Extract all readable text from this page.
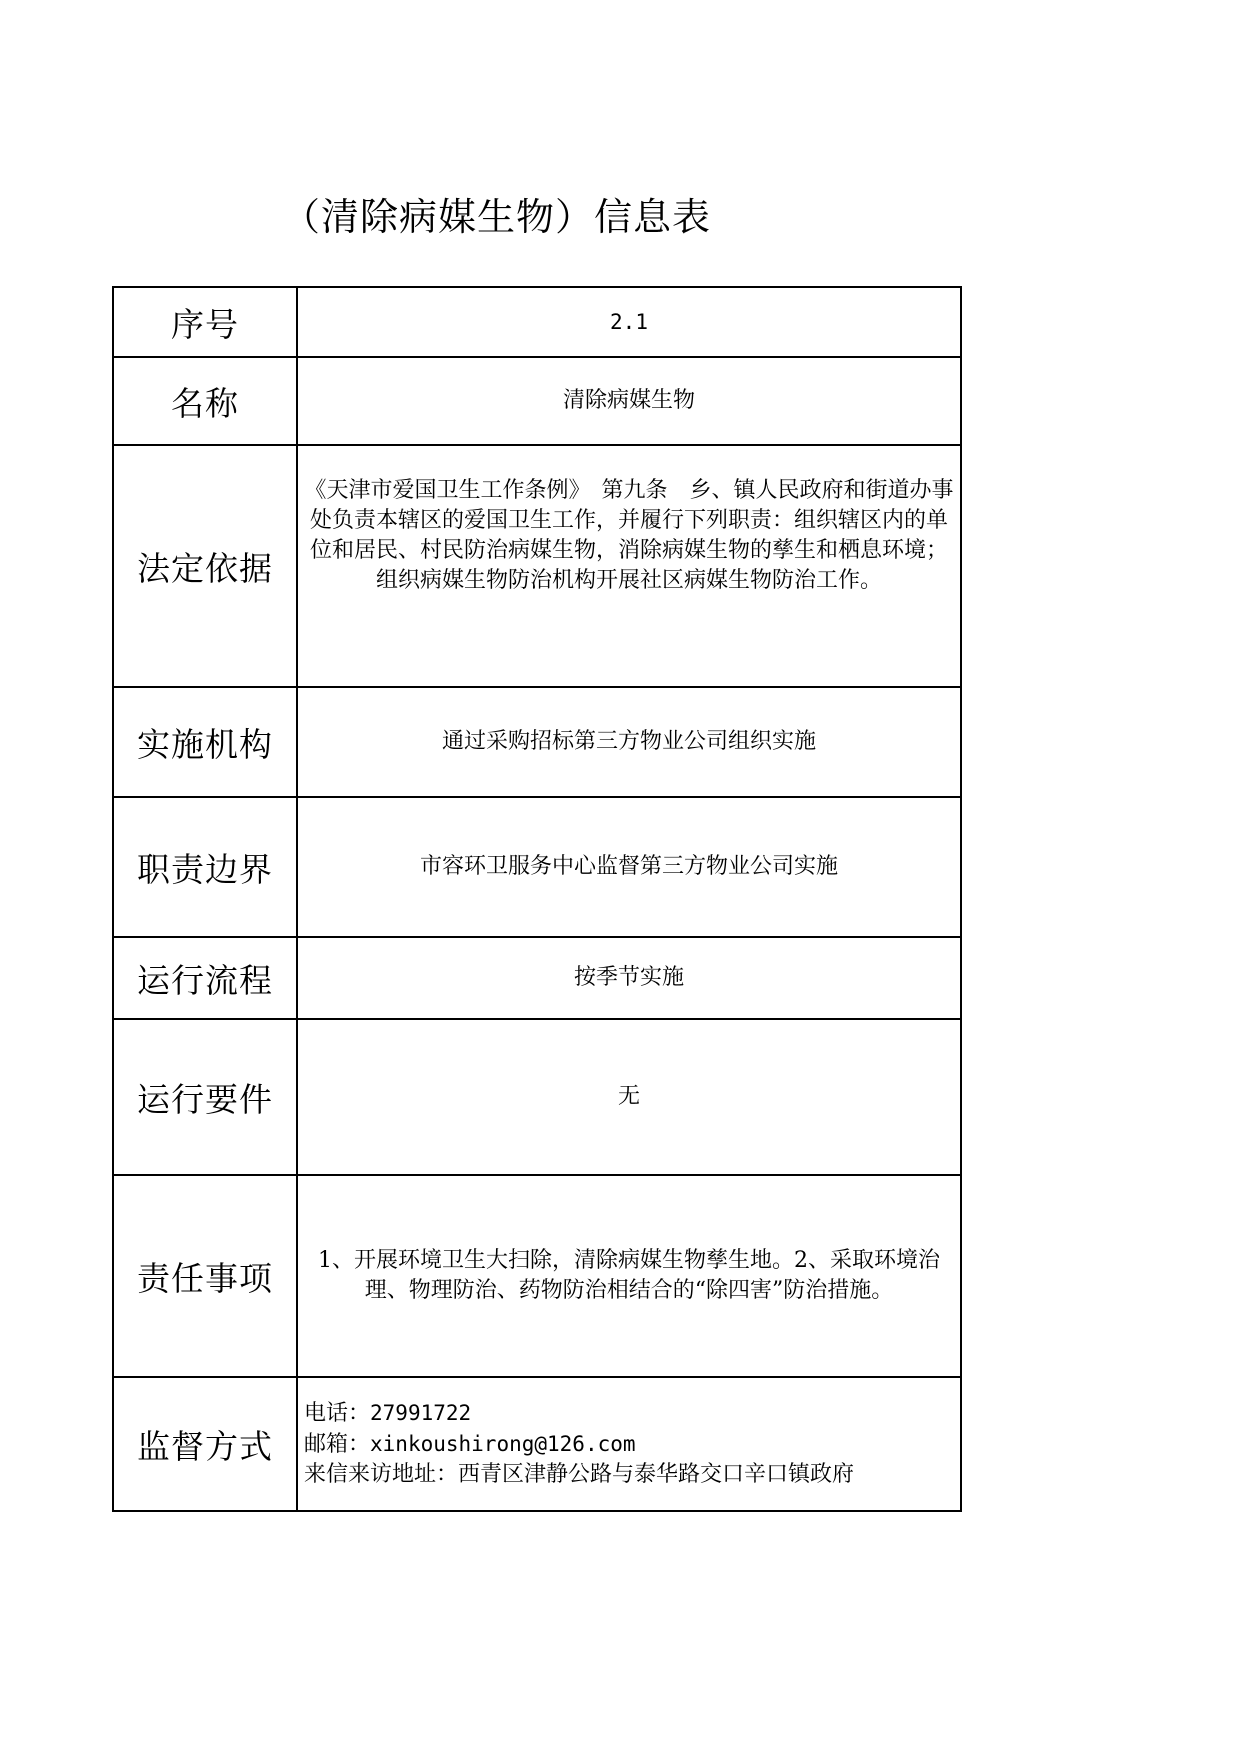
（清除病媒生物）信息表
序号	2.1
名称	清除病媒生物
法定依据	《天津市爱国卫生工作条例》　第九条　乡、镇人民政府和街道办事处负责本辖区的爱国卫生工作，并履行下列职责：组织辖区内的单位和居民、村民防治病媒生物，消除病媒生物的孳生和栖息环境；组织病媒生物防治机构开展社区病媒生物防治工作。

实施机构	通过采购招标第三方物业公司组织实施
职责边界	市容环卫服务中心监督第三方物业公司实施
运行流程	按季节实施
运行要件	无
责任事项	1、开展环境卫生大扫除，清除病媒生物孳生地。2、采取环境治理、物理防治、药物防治相结合的“除四害”防治措施。

监督方式	电话：27991722
邮箱：xinkoushirong@126.com
来信来访地址：西青区津静公路与泰华路交口辛口镇政府
